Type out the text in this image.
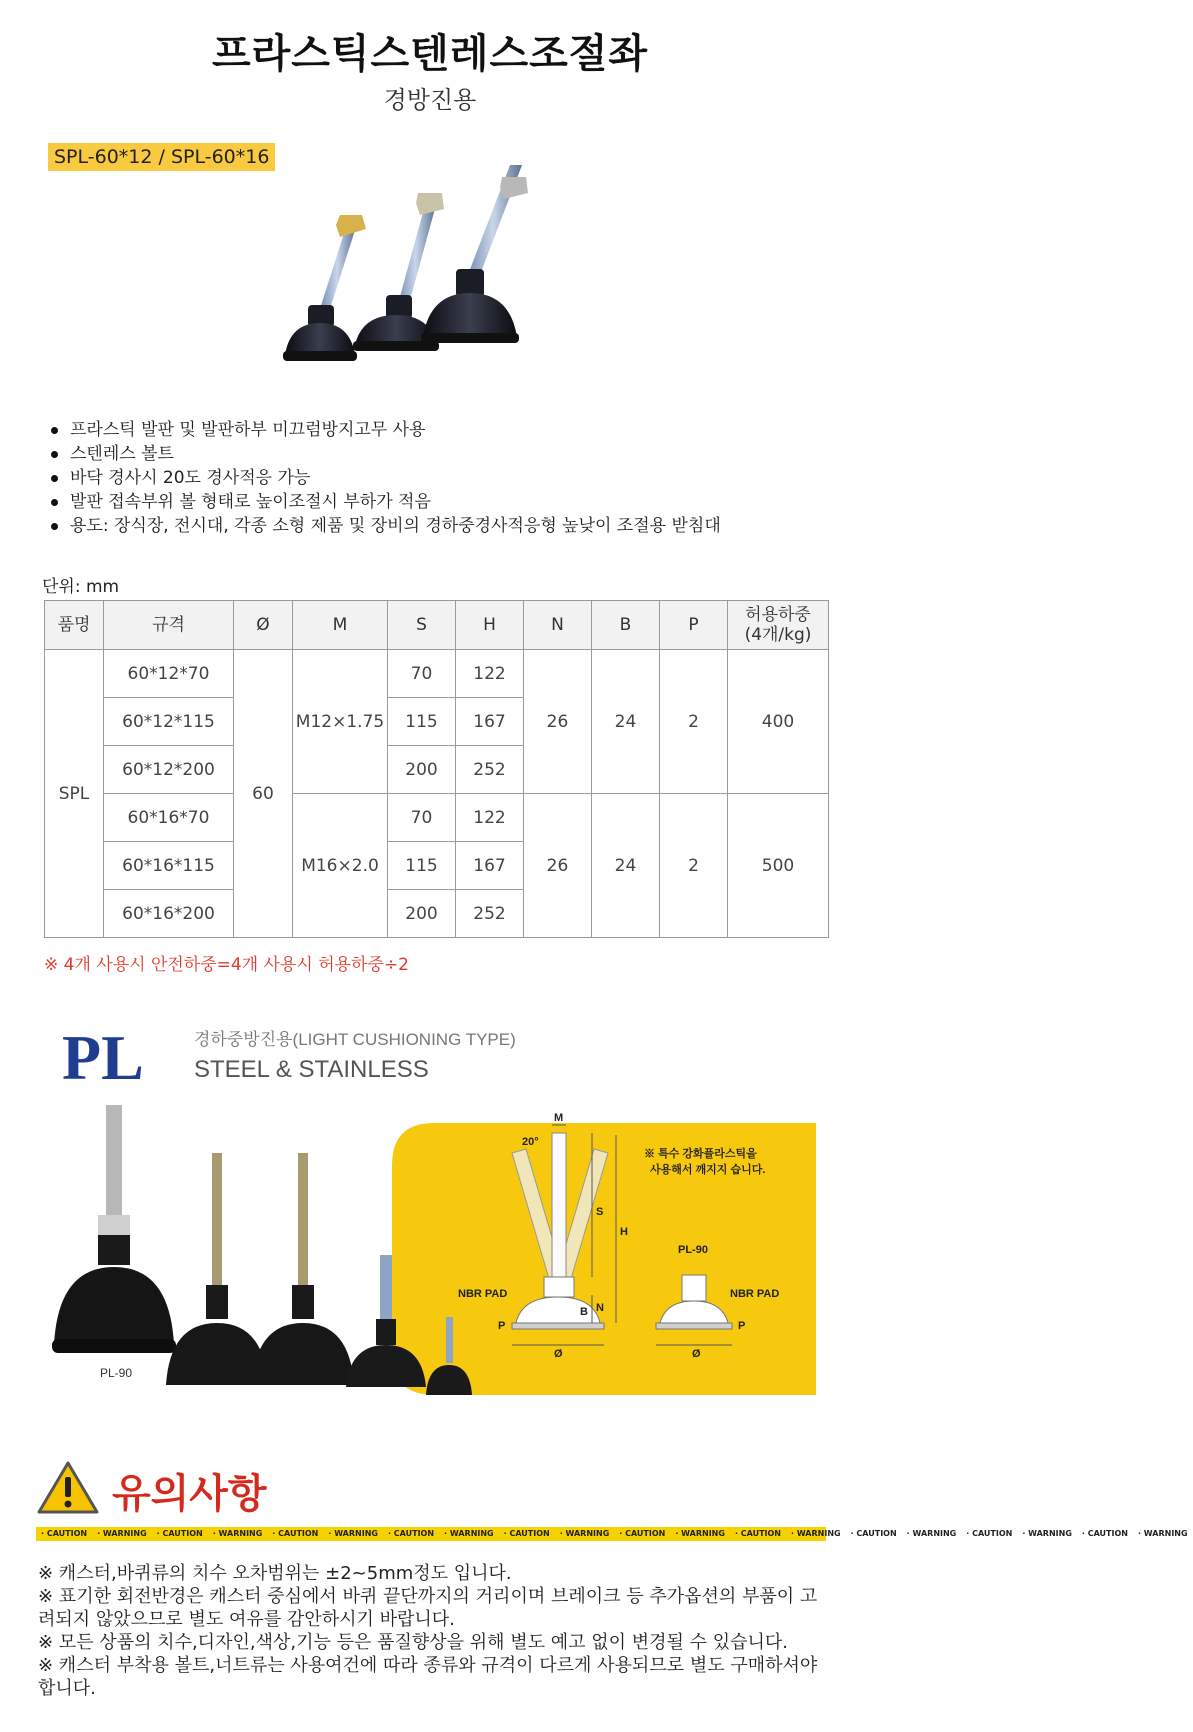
프라스틱스텐레스조절좌
경방진용
SPL-60*12 / SPL-60*16
프라스틱 발판 및 발판하부 미끄럼방지고무 사용
스텐레스 볼트
바닥 경사시 20도 경사적응 가능
발판 접속부위 볼 형태로 높이조절시 부하가 적음
용도: 장식장, 전시대, 각종 소형 제품 및 장비의 경하중경사적응형 높낮이 조절용 받침대
단위: mm
품명	규격	Ø	M	S	H	N	B	P	허용하중
(4개/kg)

SPL	60*12*70	60	M12×1.75	70	122	26	24	2	400
	60*12*115			115	167				
	60*12*200			200	252				
	60*16*70		M16×2.0	70	122	26	24	2	500
	60*16*115			115	167				
	60*16*200			200	252				
※ 4개 사용시 안전하중=4개 사용시 허용하중÷2
PL	경하중방진용(LIGHT CUSHIONING TYPE)
STEEL & STAINLESS
PL-90
20°
M
S
H
N
B
P
Ø
NBR PAD
※ 특수 강화플라스틱을
사용해서 깨지지 습니다.
PL-90
NBR PAD
P
Ø
유의사항
· CAUTION · WARNING · CAUTION · WARNING · CAUTION · WARNING · CAUTION · WARNING · CAUTION · WARNING · CAUTION · WARNING · CAUTION · WARNING · CAUTION · WARNING · CAUTION · WARNING · CAUTION · WARNING
※ 캐스터,바퀴류의 치수 오차범위는 ±2~5mm정도 입니다.
※ 표기한 회전반경은 캐스터 중심에서 바퀴 끝단까지의 거리이며 브레이크 등 추가옵션의 부품이 고려되지 않았으므로 별도 여유를 감안하시기 바랍니다.
※ 모든 상품의 치수,디자인,색상,기능 등은 품질향상을 위해 별도 예고 없이 변경될 수 있습니다.
※ 캐스터 부착용 볼트,너트류는 사용여건에 따라 종류와 규격이 다르게 사용되므로 별도 구매하셔야 합니다.
